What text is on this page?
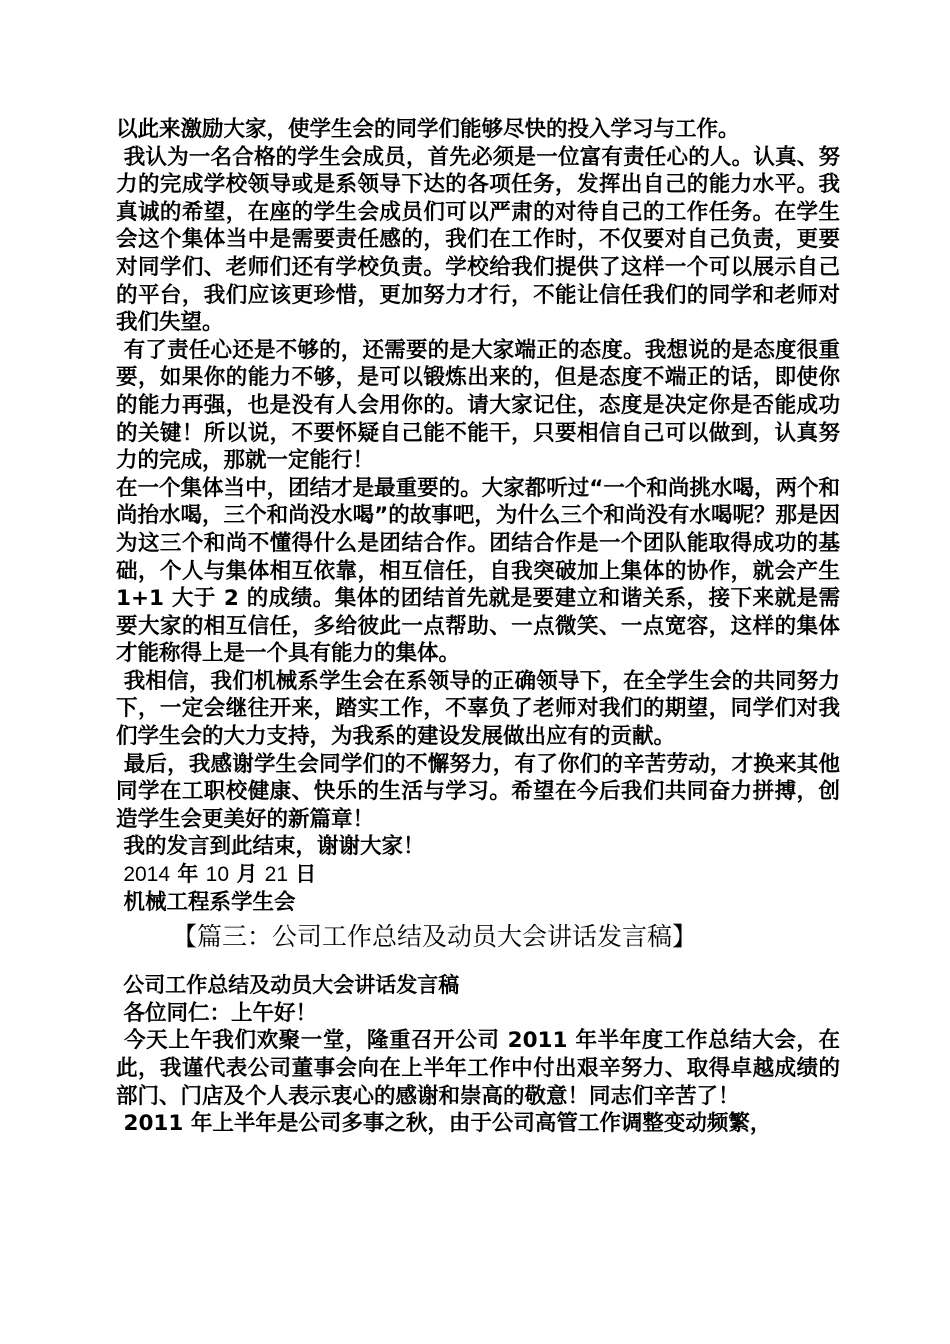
以此来激励大家，使学生会的同学们能够尽快的投入学习与工作。

我认为一名合格的学生会成员，首先必须是一位富有责任心的人。认真、努力的完成学校领导或是系领导下达的各项任务，发挥出自己的能力水平。我真诚的希望，在座的学生会成员们可以严肃的对待自己的工作任务。在学生会这个集体当中是需要责任感的，我们在工作时，不仅要对自己负责，更要对同学们、老师们还有学校负责。学校给我们提供了这样一个可以展示自己的平台，我们应该更珍惜，更加努力才行，不能让信任我们的同学和老师对我们失望。

有了责任心还是不够的，还需要的是大家端正的态度。我想说的是态度很重要，如果你的能力不够，是可以锻炼出来的，但是态度不端正的话，即使你的能力再强，也是没有人会用你的。请大家记住，态度是决定你是否能成功的关键！所以说，不要怀疑自己能不能干，只要相信自己可以做到，认真努力的完成，那就一定能行！

在一个集体当中，团结才是最重要的。大家都听过“一个和尚挑水喝，两个和尚抬水喝，三个和尚没水喝”的故事吧，为什么三个和尚没有水喝呢？那是因为这三个和尚不懂得什么是团结合作。团结合作是一个团队能取得成功的基础，个人与集体相互依靠，相互信任，自我突破加上集体的协作，就会产生 1+1 大于 2 的成绩。集体的团结首先就是要建立和谐关系，接下来就是需要大家的相互信任，多给彼此一点帮助、一点微笑、一点宽容，这样的集体才能称得上是一个具有能力的集体。

我相信，我们机械系学生会在系领导的正确领导下，在全学生会的共同努力下，一定会继往开来，踏实工作，不辜负了老师对我们的期望，同学们对我们学生会的大力支持，为我系的建设发展做出应有的贡献。

最后，我感谢学生会同学们的不懈努力，有了你们的辛苦劳动，才换来其他同学在工职校健康、快乐的生活与学习。希望在今后我们共同奋力拼搏，创造学生会更美好的新篇章！

我的发言到此结束，谢谢大家！

2014 年 10 月 21 日

机械工程系学生会

【篇三：公司工作总结及动员大会讲话发言稿】

公司工作总结及动员大会讲话发言稿

各位同仁：上午好！

今天上午我们欢聚一堂，隆重召开公司 2011 年半年度工作总结大会，在此，我谨代表公司董事会向在上半年工作中付出艰辛努力、取得卓越成绩的部门、门店及个人表示衷心的感谢和崇高的敬意！同志们辛苦了！

2011 年上半年是公司多事之秋，由于公司高管工作调整变动频繁，
